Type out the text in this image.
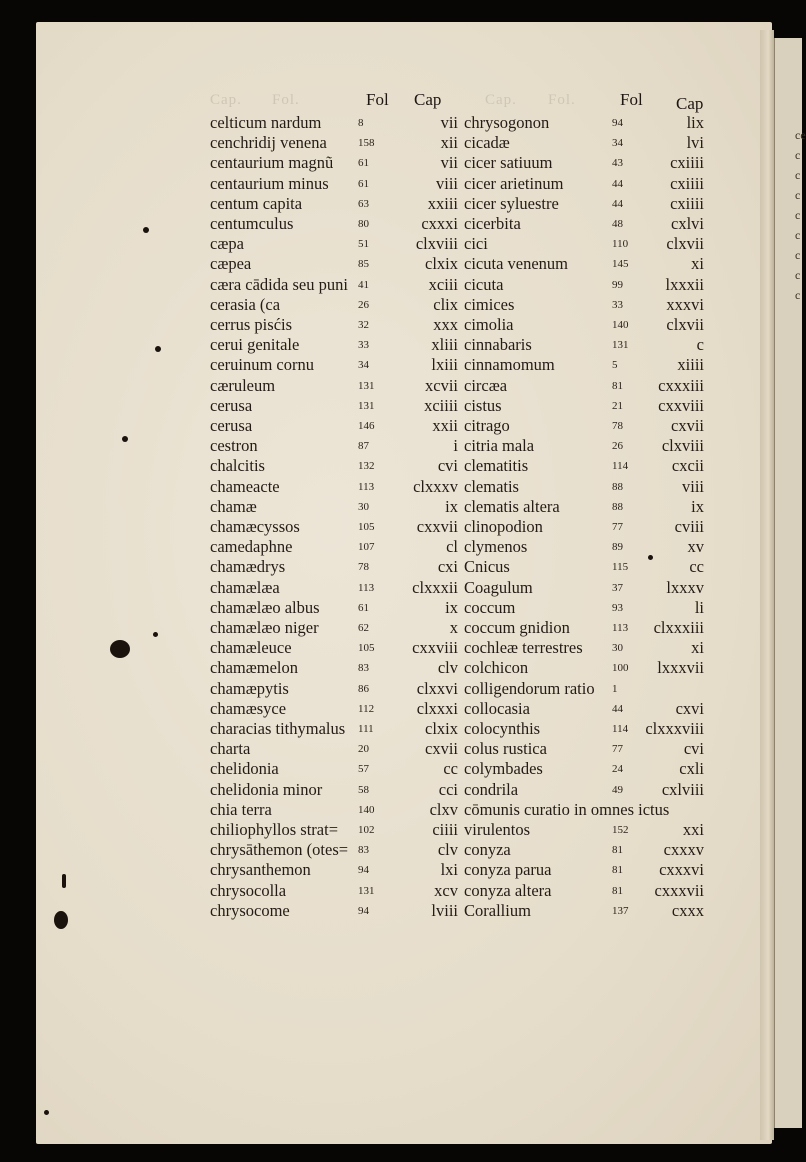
ce
c
c
c
c
c
c
c
c
Cap. Fol.	Cap. Fol.
Fol Cap	Fol Cap
celticum nardum	8	vii
cenchridij venena	158	xii
centaurium magnũ 61	vii
centaurium minus	61	viii
centum capita	63	xxiii
centumculus	80	cxxxi
cæpa	51	clxviii
cæpea	85	clxix
cæra cādida seu puni 41	xciii
cerasia (ca	26	clix
cerrus pisćis	32	xxx
cerui genitale	33	xliii
ceruinum cornu	34	lxiii
cæruleum	131	xcvii
cerusa	131	xciiii
cerusa	146	xxii
cestron	87	i
chalcitis	132	cvi
chameacte	113 clxxxv
chamæ	30	ix
chamæcyssos	105	cxxvii
camedaphne	107	cl
chamædrys	78	cxi
chamælæa	113 clxxxii
chamælæo albus	61	ix
chamælæo niger	62	x
chamæleuce	105 cxxviii
chamæmelon	83	clv
chamæpytis	86	clxxvi
chamæsyce	112	clxxxi
characias tithymalus 111	clxix
charta	20	cxvii
chelidonia	57	cc
chelidonia minor	58	cci
chia terra	140	clxv
chiliophyllos strat= 102	ciiii
chrysāthemon (otes= 83	clv
chrysanthemon	94	lxi
chrysocolla	131	xcv
chrysocome	94	lviii
chrysogonon	94	lix
cicadæ	34	lvi
cicer satiuum	43	cxiiii
cicer arietinum	44	cxiiii
cicer syluestre	44	cxiiii
cicerbita	48	cxlvi
cici	110 clxvii
cicuta venenum	145	xi
cicuta	99	lxxxii
cimices	33	xxxvi
cimolia	140 clxvii
cinnabaris	131	c
cinnamomum	5	xiiii
circæa	81 cxxxiii
cistus	21 cxxviii
citrago	78	cxvii
citria mala	26 clxviii
clematitis	114	cxcii
clematis	88	viii
clematis altera	88	ix
clinopodion	77	cviii
clymenos	89	xv
Cnicus	115	cc
Coagulum	37	lxxxv
coccum	93	li
coccum gnidion	113 clxxxiii
cochleæ terrestres	30	xi
colchicon	100 lxxxvii
colligendorum ratio 1
collocasia	44	cxvi
colocynthis	114 clxxxviii
colus rustica	77	cvi
colymbades	24	cxli
condrila	49 cxlviii
cōmunis curatio in omnes ictus
virulentos	152	xxi
conyza	81 cxxxv
conyza parua	81 cxxxvi
conyza altera	81 cxxxvii
Corallium	137	cxxx
